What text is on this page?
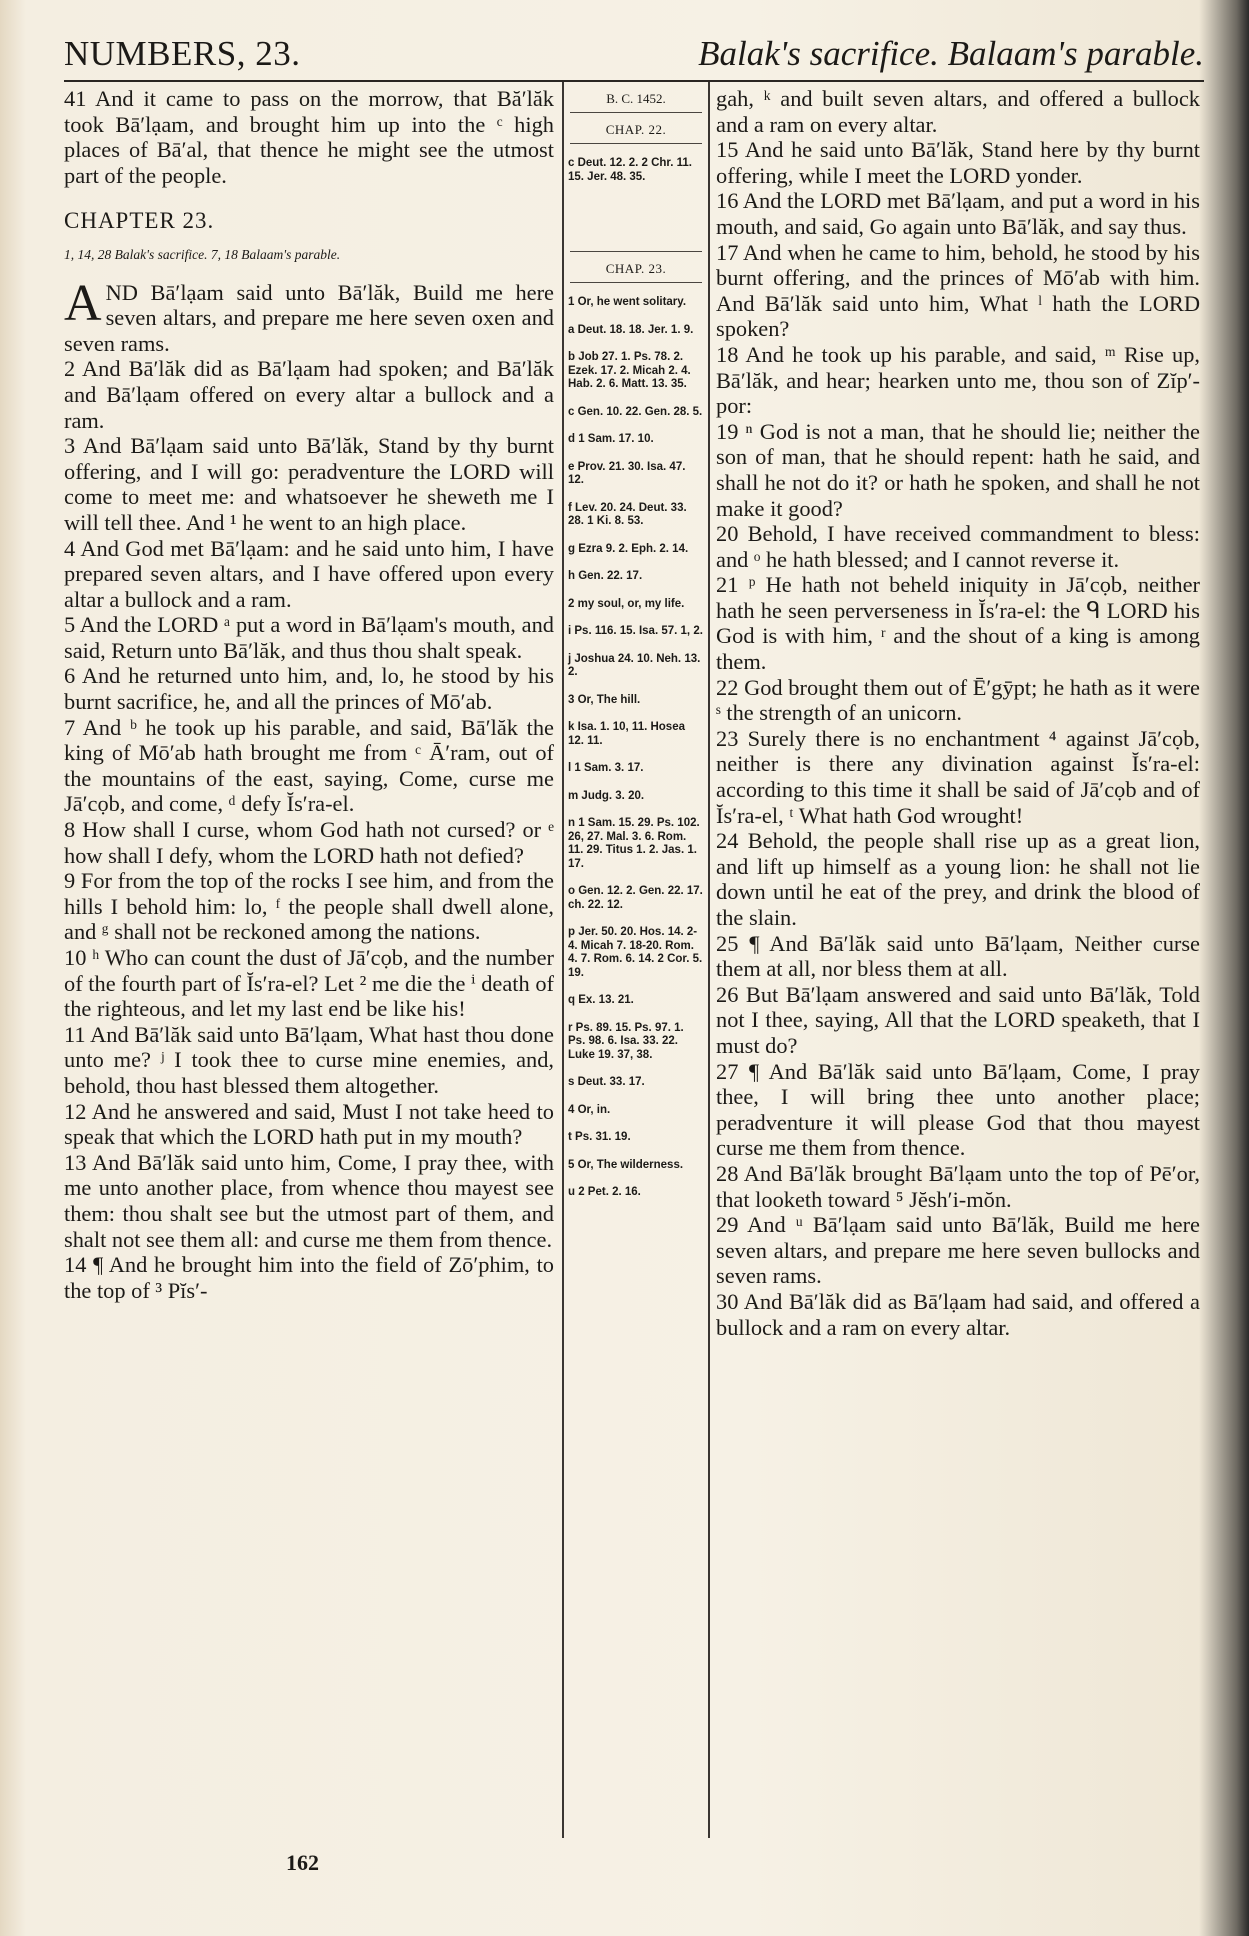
NUMBERS, 23.	Balak's sacrifice. Balaam's parable.

41 And it came to pass on the morrow, that Bă′lăk took Bā′lạam, and brought him up into the ᶜ high places of Bā′al, that thence he might see the utmost part of the people.

CHAPTER 23.

1, 14, 28 Balak's sacrifice. 7, 18 Balaam's parable.

AND Bā′lạam said unto Bā′lăk, Build me here seven altars, and prepare me here seven oxen and seven rams.

2 And Bā′lăk did as Bā′lạam had spoken; and Bā′lăk and Bā′lạam offered on every altar a bullock and a ram.

3 And Bā′lạam said unto Bā′lăk, Stand by thy burnt offering, and I will go: peradventure the LORD will come to meet me: and whatsoever he sheweth me I will tell thee. And ¹ he went to an high place.

4 And God met Bā′lạam: and he said unto him, I have prepared seven altars, and I have offered upon every altar a bullock and a ram.

5 And the LORD ᵃ put a word in Bā′lạam's mouth, and said, Return unto Bā′lăk, and thus thou shalt speak.

6 And he returned unto him, and, lo, he stood by his burnt sacrifice, he, and all the princes of Mō′ab.

7 And ᵇ he took up his parable, and said, Bā′lăk the king of Mō′ab hath brought me from ᶜ Ā′ram, out of the mountains of the east, saying, Come, curse me Jā′cọb, and come, ᵈ defy Ĭs′ra-el.

8 How shall I curse, whom God hath not cursed? or ᵉ how shall I defy, whom the LORD hath not defied?

9 For from the top of the rocks I see him, and from the hills I behold him: lo, ᶠ the people shall dwell alone, and ᵍ shall not be reckoned among the nations.

10 ʰ Who can count the dust of Jā′cọb, and the number of the fourth part of Ĭs′ra-el? Let ² me die the ⁱ death of the righteous, and let my last end be like his!

11 And Bā′lăk said unto Bā′lạam, What hast thou done unto me? ʲ I took thee to curse mine enemies, and, behold, thou hast blessed them altogether.

12 And he answered and said, Must I not take heed to speak that which the LORD hath put in my mouth?

13 And Bā′lăk said unto him, Come, I pray thee, with me unto another place, from whence thou mayest see them: thou shalt see but the utmost part of them, and shalt not see them all: and curse me them from thence.

14 ¶ And he brought him into the field of Zō′phim, to the top of ³ Pĭs′-

B. C. 1452.
CHAP. 22.
c Deut. 12. 2. 2 Chr. 11. 15. Jer. 48. 35.
CHAP. 23.
1 Or, he went solitary.
a Deut. 18. 18. Jer. 1. 9.
b Job 27. 1. Ps. 78. 2. Ezek. 17. 2. Micah 2. 4. Hab. 2. 6. Matt. 13. 35.
c Gen. 10. 22. Gen. 28. 5.
d 1 Sam. 17. 10.
e Prov. 21. 30. Isa. 47. 12.
f Lev. 20. 24. Deut. 33. 28. 1 Ki. 8. 53.
g Ezra 9. 2. Eph. 2. 14.
h Gen. 22. 17.
2 my soul, or, my life.
i Ps. 116. 15. Isa. 57. 1, 2.
j Joshua 24. 10. Neh. 13. 2.
3 Or, The hill.
k Isa. 1. 10, 11. Hosea 12. 11.
l 1 Sam. 3. 17.
m Judg. 3. 20.
n 1 Sam. 15. 29. Ps. 102. 26, 27. Mal. 3. 6. Rom. 11. 29. Titus 1. 2. Jas. 1. 17.
o Gen. 12. 2. Gen. 22. 17. ch. 22. 12.
p Jer. 50. 20. Hos. 14. 2-4. Micah 7. 18-20. Rom. 4. 7. Rom. 6. 14. 2 Cor. 5. 19.
q Ex. 13. 21.
r Ps. 89. 15. Ps. 97. 1. Ps. 98. 6. Isa. 33. 22. Luke 19. 37, 38.
s Deut. 33. 17.
4 Or, in.
t Ps. 31. 19.
5 Or, The wilderness.
u 2 Pet. 2. 16.

gah, ᵏ and built seven altars, and offered a bullock and a ram on every altar.

15 And he said unto Bā′lăk, Stand here by thy burnt offering, while I meet the LORD yonder.

16 And the LORD met Bā′lạam, and put a word in his mouth, and said, Go again unto Bā′lăk, and say thus.

17 And when he came to him, behold, he stood by his burnt offering, and the princes of Mō′ab with him. And Bā′lăk said unto him, What ˡ hath the LORD spoken?

18 And he took up his parable, and said, ᵐ Rise up, Bā′lăk, and hear; hearken unto me, thou son of Zĭp′-por:

19 ⁿ God is not a man, that he should lie; neither the son of man, that he should repent: hath he said, and shall he not do it? or hath he spoken, and shall he not make it good?

20 Behold, I have received commandment to bless: and ᵒ he hath blessed; and I cannot reverse it.

21 ᵖ He hath not beheld iniquity in Jā′cọb, neither hath he seen perverseness in Ĭs′ra-el: the ᑫ LORD his God is with him, ʳ and the shout of a king is among them.

22 God brought them out of Ē′gȳpt; he hath as it were ˢ the strength of an unicorn.

23 Surely there is no enchantment ⁴ against Jā′cọb, neither is there any divination against Ĭs′ra-el: according to this time it shall be said of Jā′cọb and of Ĭs′ra-el, ᵗ What hath God wrought!

24 Behold, the people shall rise up as a great lion, and lift up himself as a young lion: he shall not lie down until he eat of the prey, and drink the blood of the slain.

25 ¶ And Bā′lăk said unto Bā′lạam, Neither curse them at all, nor bless them at all.

26 But Bā′lạam answered and said unto Bā′lăk, Told not I thee, saying, All that the LORD speaketh, that I must do?

27 ¶ And Bā′lăk said unto Bā′lạam, Come, I pray thee, I will bring thee unto another place; peradventure it will please God that thou mayest curse me them from thence.

28 And Bā′lăk brought Bā′lạam unto the top of Pē′or, that looketh toward ⁵ Jĕsh′i-mŏn.

29 And ᵘ Bā′lạam said unto Bā′lăk, Build me here seven altars, and prepare me here seven bullocks and seven rams.

30 And Bā′lăk did as Bā′lạam had said, and offered a bullock and a ram on every altar.

162
